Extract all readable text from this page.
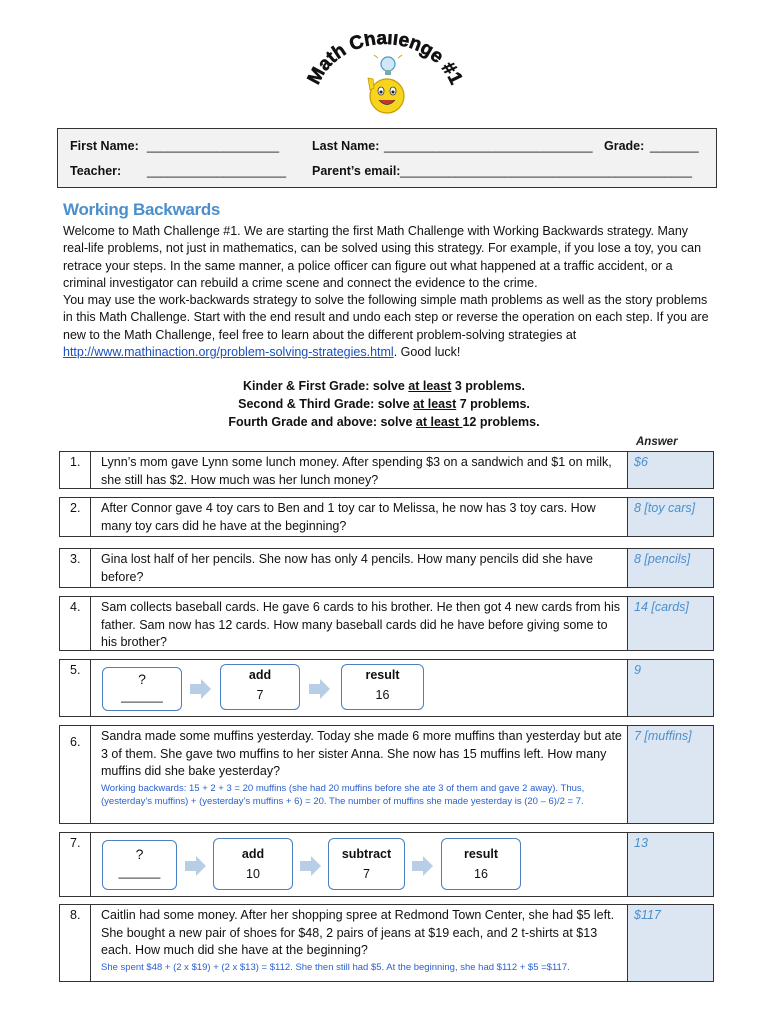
Math Challenge #1
First Name: ___________________	Last Name: ______________________________ Grade: _______
Teacher: ____________________ Parent’s email: __________________________________________
Working Backwards
Welcome to Math Challenge #1. We are starting the first Math Challenge with Working Backwards strategy. Many real-life problems, not just in mathematics, can be solved using this strategy. For example, if you lose a toy, you can retrace your steps. In the same manner, a police officer can figure out what happened at a traffic accident, or a criminal investigator can rebuild a crime scene and connect the evidence to the crime.
You may use the work-backwards strategy to solve the following simple math problems as well as the story problems in this Math Challenge. Start with the end result and undo each step or reverse the operation on each step. If you are new to the Math Challenge, feel free to learn about the different problem-solving strategies at http://www.mathinaction.org/problem-solving-strategies.html. Good luck!
Kinder & First Grade: solve at least 3 problems.
Second & Third Grade: solve at least 7 problems.
Fourth Grade and above: solve at least 12 problems.
Answer
1. Lynn’s mom gave Lynn some lunch money. After spending $3 on a sandwich and $1 on milk, she still has $2. How much was her lunch money?
$6
2. After Connor gave 4 toy cars to Ben and 1 toy car to Melissa, he now has 3 toy cars. How many toy cars did he have at the beginning?
8 [toy cars]
3. Gina lost half of her pencils. She now has only 4 pencils. How many pencils did she have before?
8 [pencils]
4. Sam collects baseball cards. He gave 6 cards to his brother. He then got 4 new cards from his father. Sam now has 12 cards. How many baseball cards did he have before giving some to his brother?
14 [cards]
5.
?
______
add
7
result
16
9
6. Sandra made some muffins yesterday. Today she made 6 more muffins than yesterday but ate 3 of them. She gave two muffins to her sister Anna. She now has 15 muffins left. How many muffins did she bake yesterday?
Working backwards: 15 + 2 + 3 = 20 muffins (she had 20 muffins before she ate 3 of them and gave 2 away). Thus, (yesterday’s muffins) + (yesterday’s muffins + 6) = 20. The number of muffins she made yesterday is (20 – 6)/2 = 7.
7 [muffins]
7.
?
______
add
10
subtract
7
result
16
13
8. Caitlin had some money. After her shopping spree at Redmond Town Center, she had $5 left. She bought a new pair of shoes for $48, 2 pairs of jeans at $19 each, and 2 t-shirts at $13 each. How much did she have at the beginning?
She spent $48 + (2 x $19) + (2 x $13) = $112. She then still had $5. At the beginning, she had $112 + $5 =$117.
$117
